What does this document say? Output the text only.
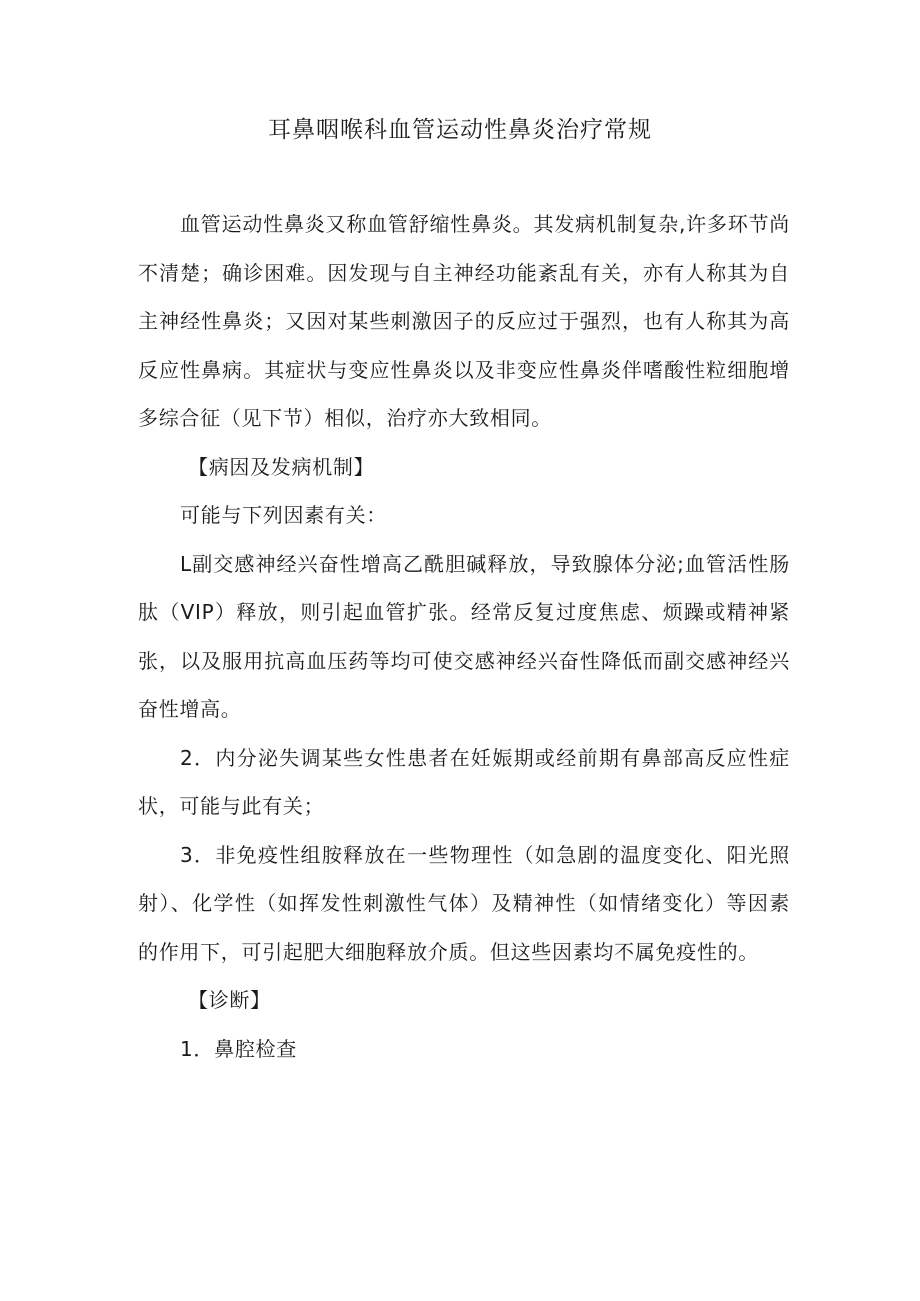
耳鼻咽喉科血管运动性鼻炎治疗常规

血管运动性鼻炎又称血管舒缩性鼻炎。其发病机制复杂,许多环节尚不清楚；确诊困难。因发现与自主神经功能紊乱有关，亦有人称其为自主神经性鼻炎；又因对某些刺激因子的反应过于强烈，也有人称其为高反应性鼻病。其症状与变应性鼻炎以及非变应性鼻炎伴嗜酸性粒细胞增多综合征（见下节）相似，治疗亦大致相同。

【病因及发病机制】

可能与下列因素有关：

L副交感神经兴奋性增高乙酰胆碱释放，导致腺体分泌;血管活性肠肽（VIP）释放，则引起血管扩张。经常反复过度焦虑、烦躁或精神紧张，以及服用抗高血压药等均可使交感神经兴奋性降低而副交感神经兴奋性增高。

2．内分泌失调某些女性患者在妊娠期或经前期有鼻部高反应性症状，可能与此有关；

3．非免疫性组胺释放在一些物理性（如急剧的温度变化、阳光照射）、化学性（如挥发性刺激性气体）及精神性（如情绪变化）等因素的作用下，可引起肥大细胞释放介质。但这些因素均不属免疫性的。

【诊断】

1．鼻腔检查
